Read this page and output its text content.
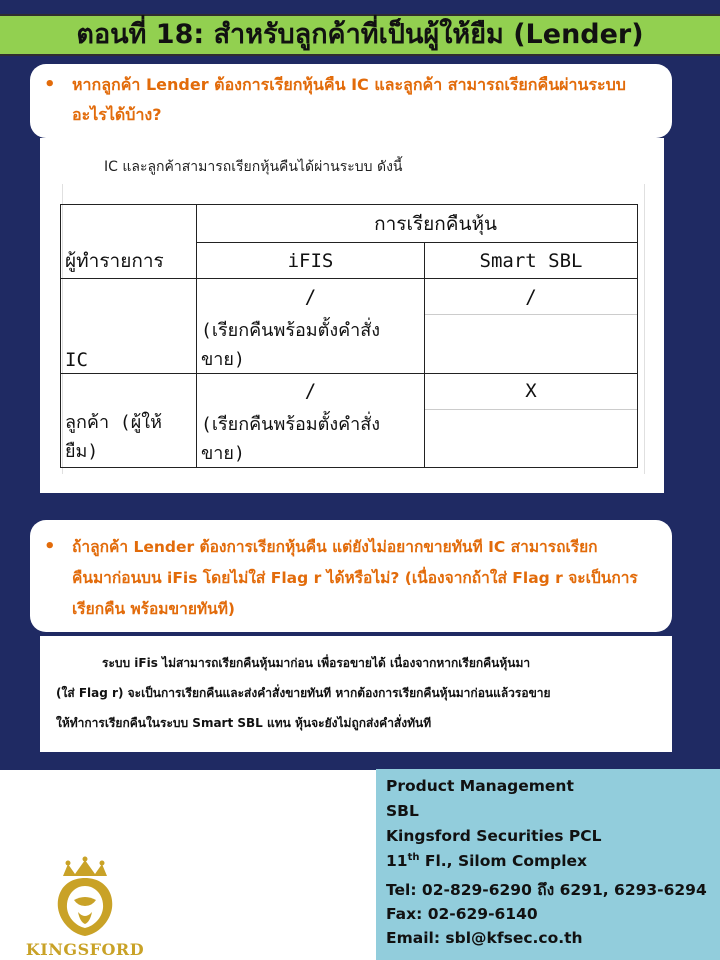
ตอนที่ 18: สำหรับลูกค้าที่เป็นผู้ให้ยืม (Lender)
• หากลูกค้า Lender ต้องการเรียกหุ้นคืน IC และลูกค้า สามารถเรียกคืนผ่านระบบ
อะไรได้บ้าง?
IC และลูกค้าสามารถเรียกหุ้นคืนได้ผ่านระบบ ดังนี้
ผู้ทำรายการ	การเรียกคืนหุ้น	
	iFIS	Smart SBL
IC	/	/
	(เรียกคืนพร้อมตั้งคำสั่งขาย)	
ลูกค้า (ผู้ให้ยืม)	/	X
	(เรียกคืนพร้อมตั้งคำสั่งขาย)	
• ถ้าลูกค้า Lender ต้องการเรียกหุ้นคืน แต่ยังไม่อยากขายทันที IC สามารถเรียก
คืนมาก่อนบน iFis โดยไม่ใส่ Flag r ได้หรือไม่? (เนื่องจากถ้าใส่ Flag r จะเป็นการ
เรียกคืน พร้อมขายทันที)
ระบบ iFis ไม่สามารถเรียกคืนหุ้นมาก่อน เพื่อรอขายได้ เนื่องจากหากเรียกคืนหุ้นมา
(ใส่ Flag r) จะเป็นการเรียกคืนและส่งคำสั่งขายทันที หากต้องการเรียกคืนหุ้นมาก่อนแล้วรอขาย
ให้ทำการเรียกคืนในระบบ Smart SBL แทน หุ้นจะยังไม่ถูกส่งคำสั่งทันที
KINGSFORD
Product Management
SBL
Kingsford Securities PCL
11th Fl., Silom Complex
Tel: 02-829-6290 ถึง 6291, 6293-6294
Fax: 02-629-6140
Email: sbl@kfsec.co.th
